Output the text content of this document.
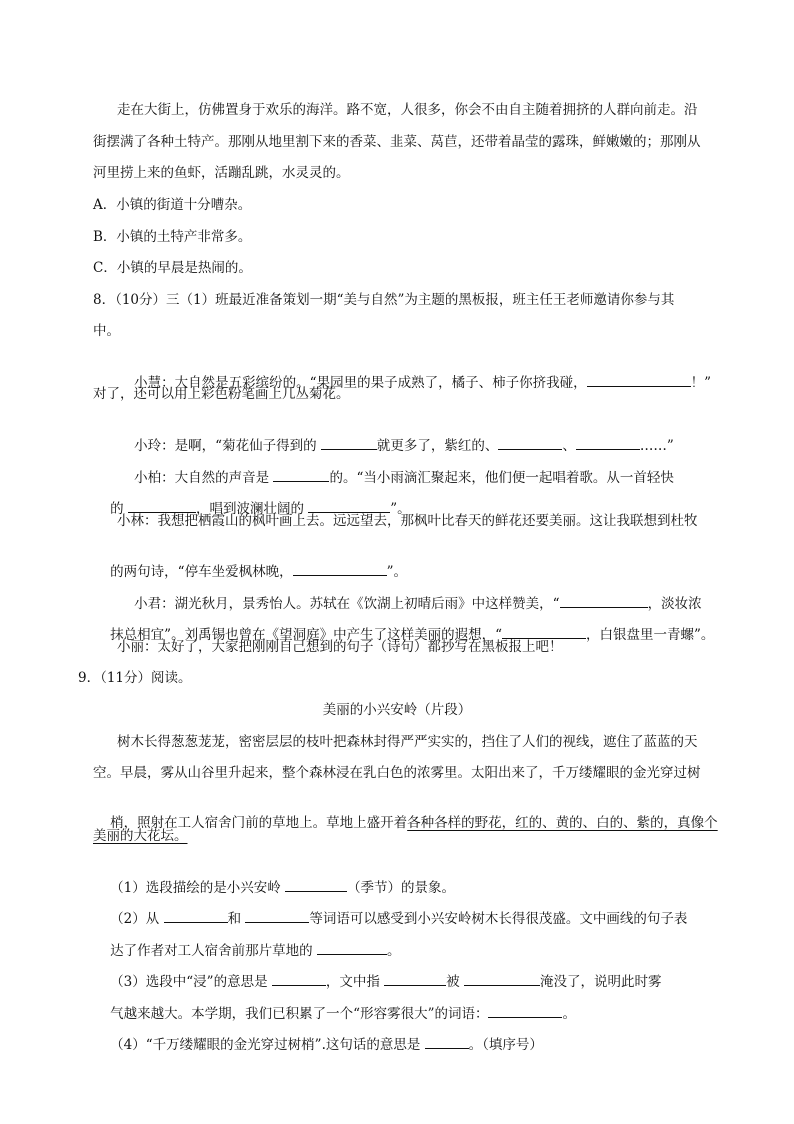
走在大街上，仿佛置身于欢乐的海洋。路不宽，人很多，你会不由自主随着拥挤的人群向前走。沿
街摆满了各种土特产。那刚从地里割下来的香菜、韭菜、莴苣，还带着晶莹的露珠，鲜嫩嫩的；那刚从
河里捞上来的鱼虾，活蹦乱跳，水灵灵的。
A．小镇的街道十分嘈杂。
B．小镇的土特产非常多。
C．小镇的早晨是热闹的。
8．（10分）三（1）班最近准备策划一期“美与自然”为主题的黑板报，班主任王老师邀请你参与其
中。

小慧：大自然是五彩缤纷的。“果园里的果子成熟了，橘子、柿子你挤我碰，	！”

对了，还可以用上彩色粉笔画上几丛菊花。

小玲：是啊，“菊花仙子得到的	就更多了，紫红的、	、	……”

小柏：大自然的声音是	的。“当小雨滴汇聚起来，他们便一起唱着歌。从一首轻快

的	，唱到波澜壮阔的	”。

小林：我想把栖霞山的枫叶画上去。远远望去，那枫叶比春天的鲜花还要美丽。这让我联想到杜牧

的两句诗，“停车坐爱枫林晚，	”。

小君：湖光秋月，景秀怡人。苏轼在《饮湖上初晴后雨》中这样赞美，“	，淡妆浓

抹总相宜”。刘禹锡也曾在《望洞庭》中产生了这样美丽的遐想，“	，白银盘里一青螺”。

小丽：太好了，大家把刚刚自己想到的句子（诗句）都抄写在黑板报上吧！
9．（11分）阅读。
美丽的小兴安岭（片段）
树木长得葱葱茏茏，密密层层的枝叶把森林封得严严实实的，挡住了人们的视线，遮住了蓝蓝的天
空。早晨，雾从山谷里升起来，整个森林浸在乳白色的浓雾里。太阳出来了，千万缕耀眼的金光穿过树

梢，照射在工人宿舍门前的草地上。草地上盛开着各种各样的野花，红的、黄的、白的、紫的，真像个

美丽的大花坛。

（1）选段描绘的是小兴安岭	（季节）的景象。

（2）从	和	等词语可以感受到小兴安岭树木长得很茂盛。文中画线的句子表

达了作者对工人宿舍前那片草地的	。

（3）选段中“浸”的意思是	，文中指	被	淹没了，说明此时雾

气越来越大。本学期，我们已积累了一个“形容雾很大”的词语：	。

（4）“千万缕耀眼的金光穿过树梢”.这句话的意思是	。（填序号）
